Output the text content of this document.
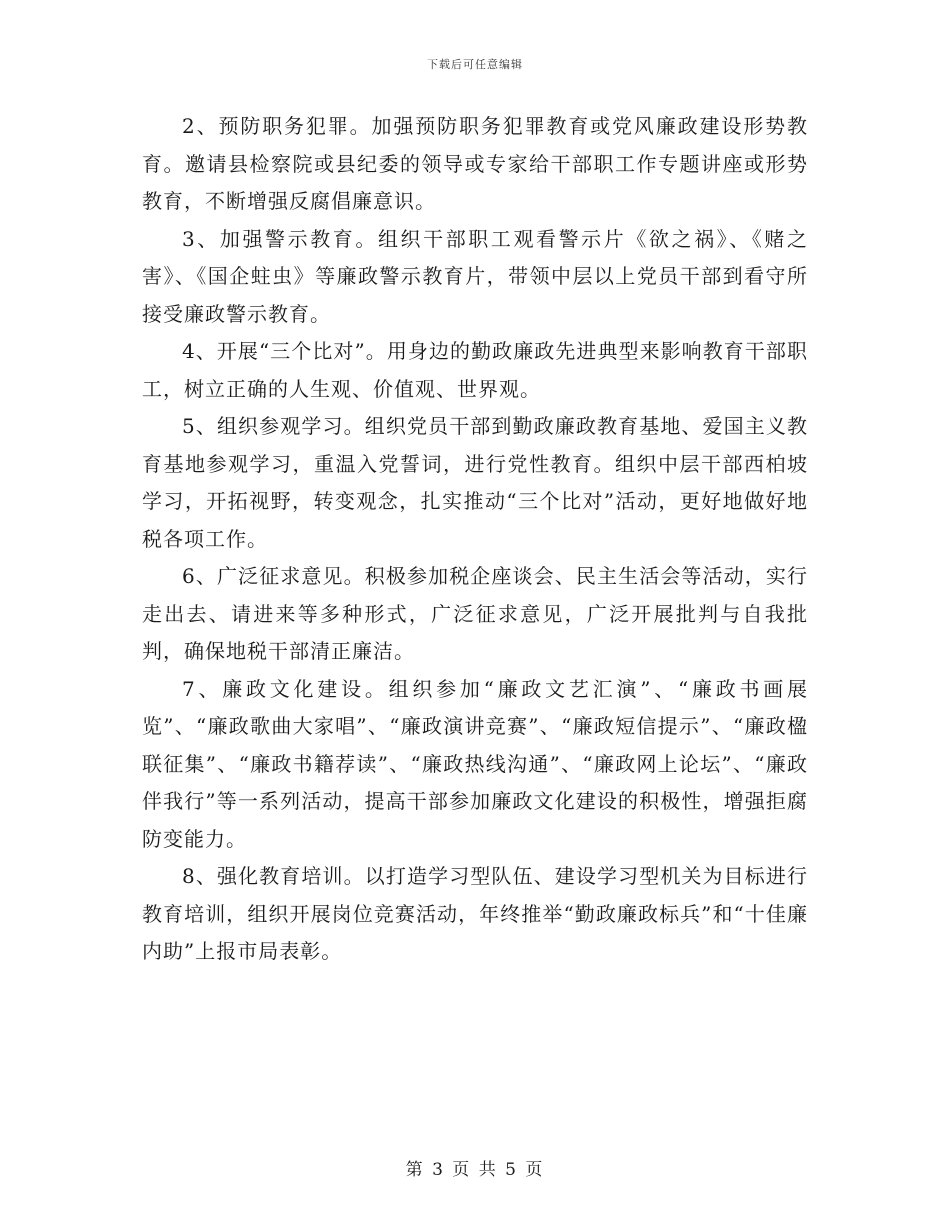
下载后可任意编辑

2、预防职务犯罪。加强预防职务犯罪教育或党风廉政建设形势教育。邀请县检察院或县纪委的领导或专家给干部职工作专题讲座或形势教育，不断增强反腐倡廉意识。

3、加强警示教育。组织干部职工观看警示片《欲之祸》、《赌之害》、《国企蛀虫》等廉政警示教育片，带领中层以上党员干部到看守所接受廉政警示教育。

4、开展“三个比对”。用身边的勤政廉政先进典型来影响教育干部职工，树立正确的人生观、价值观、世界观。

5、组织参观学习。组织党员干部到勤政廉政教育基地、爱国主义教育基地参观学习，重温入党誓词，进行党性教育。组织中层干部西柏坡学习，开拓视野，转变观念，扎实推动“三个比对”活动，更好地做好地税各项工作。

6、广泛征求意见。积极参加税企座谈会、民主生活会等活动，实行走出去、请进来等多种形式，广泛征求意见，广泛开展批判与自我批判，确保地税干部清正廉洁。

7、廉政文化建设。组织参加“廉政文艺汇演”、“廉政书画展览”、“廉政歌曲大家唱”、“廉政演讲竞赛”、“廉政短信提示”、“廉政楹联征集”、“廉政书籍荐读”、“廉政热线沟通”、“廉政网上论坛”、“廉政伴我行”等一系列活动，提高干部参加廉政文化建设的积极性，增强拒腐防变能力。

8、强化教育培训。以打造学习型队伍、建设学习型机关为目标进行教育培训，组织开展岗位竞赛活动，年终推举“勤政廉政标兵”和“十佳廉内助”上报市局表彰。

第 3 页 共 5 页
